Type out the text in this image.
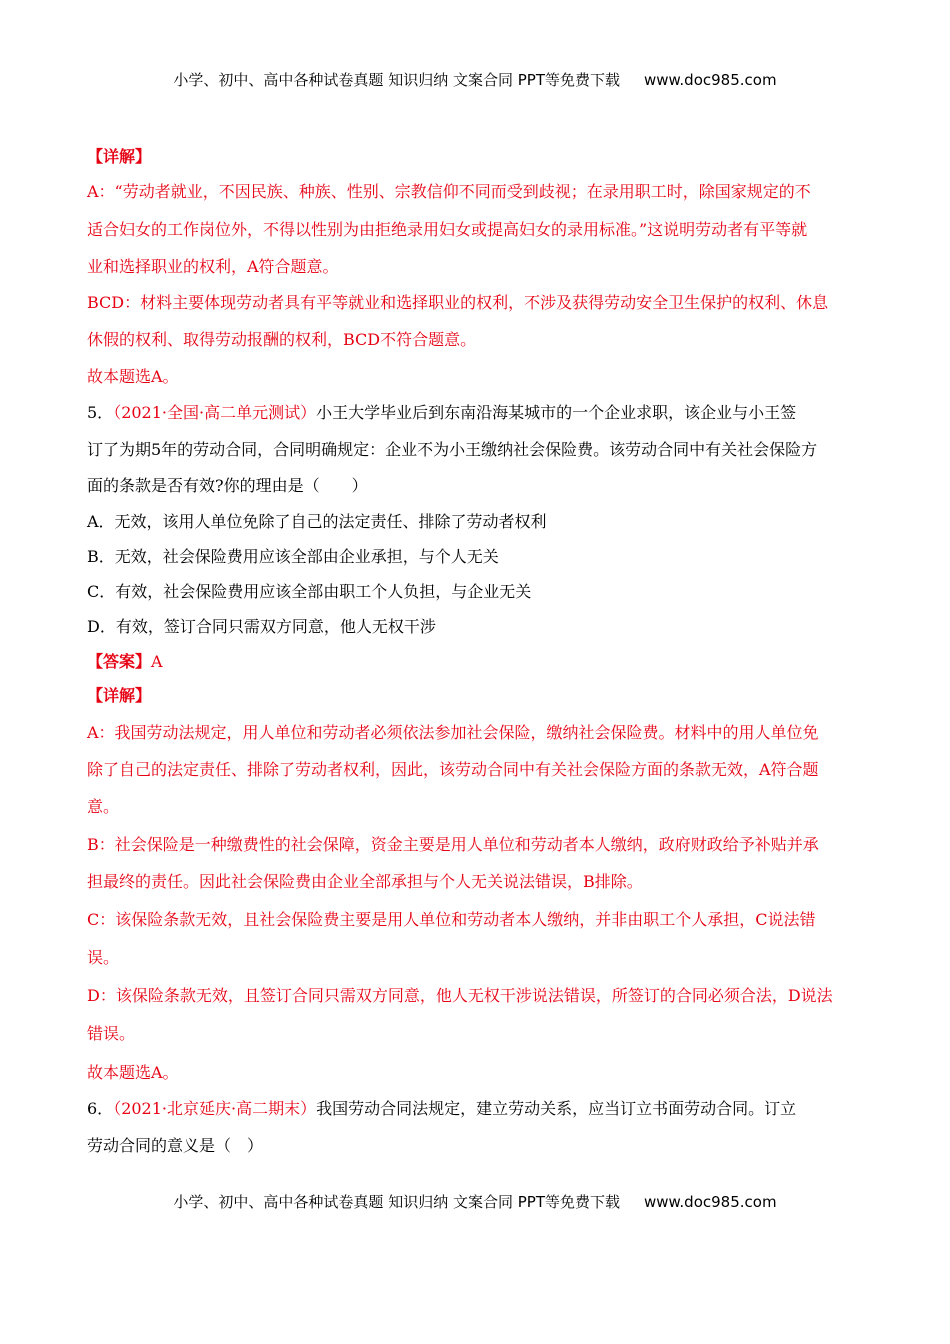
小学、初中、高中各种试卷真题 知识归纳 文案合同 PPT等免费下载 www.doc985.com
【详解】
A：“劳动者就业，不因民族、种族、性别、宗教信仰不同而受到歧视；在录用职工时，除国家规定的不
适合妇女的工作岗位外，不得以性别为由拒绝录用妇女或提高妇女的录用标准。”这说明劳动者有平等就
业和选择职业的权利，A符合题意。
BCD：材料主要体现劳动者具有平等就业和选择职业的权利，不涉及获得劳动安全卫生保护的权利、休息
休假的权利、取得劳动报酬的权利，BCD不符合题意。
故本题选A。
5．（2021·全国·高二单元测试）小王大学毕业后到东南沿海某城市的一个企业求职，该企业与小王签
订了为期5年的劳动合同，合同明确规定：企业不为小王缴纳社会保险费。该劳动合同中有关社会保险方
面的条款是否有效?你的理由是（　　）
A．无效，该用人单位免除了自己的法定责任、排除了劳动者权利
B．无效，社会保险费用应该全部由企业承担，与个人无关
C．有效，社会保险费用应该全部由职工个人负担，与企业无关
D．有效，签订合同只需双方同意，他人无权干涉
【答案】A
【详解】
A：我国劳动法规定，用人单位和劳动者必须依法参加社会保险，缴纳社会保险费。材料中的用人单位免
除了自己的法定责任、排除了劳动者权利，因此，该劳动合同中有关社会保险方面的条款无效，A符合题
意。
B：社会保险是一种缴费性的社会保障，资金主要是用人单位和劳动者本人缴纳，政府财政给予补贴并承
担最终的责任。因此社会保险费由企业全部承担与个人无关说法错误，B排除。
C：该保险条款无效，且社会保险费主要是用人单位和劳动者本人缴纳，并非由职工个人承担，C说法错
误。
D：该保险条款无效，且签订合同只需双方同意，他人无权干涉说法错误，所签订的合同必须合法，D说法
错误。
故本题选A。
6．（2021·北京延庆·高二期末）我国劳动合同法规定，建立劳动关系，应当订立书面劳动合同。订立
劳动合同的意义是（　）
小学、初中、高中各种试卷真题 知识归纳 文案合同 PPT等免费下载 www.doc985.com
